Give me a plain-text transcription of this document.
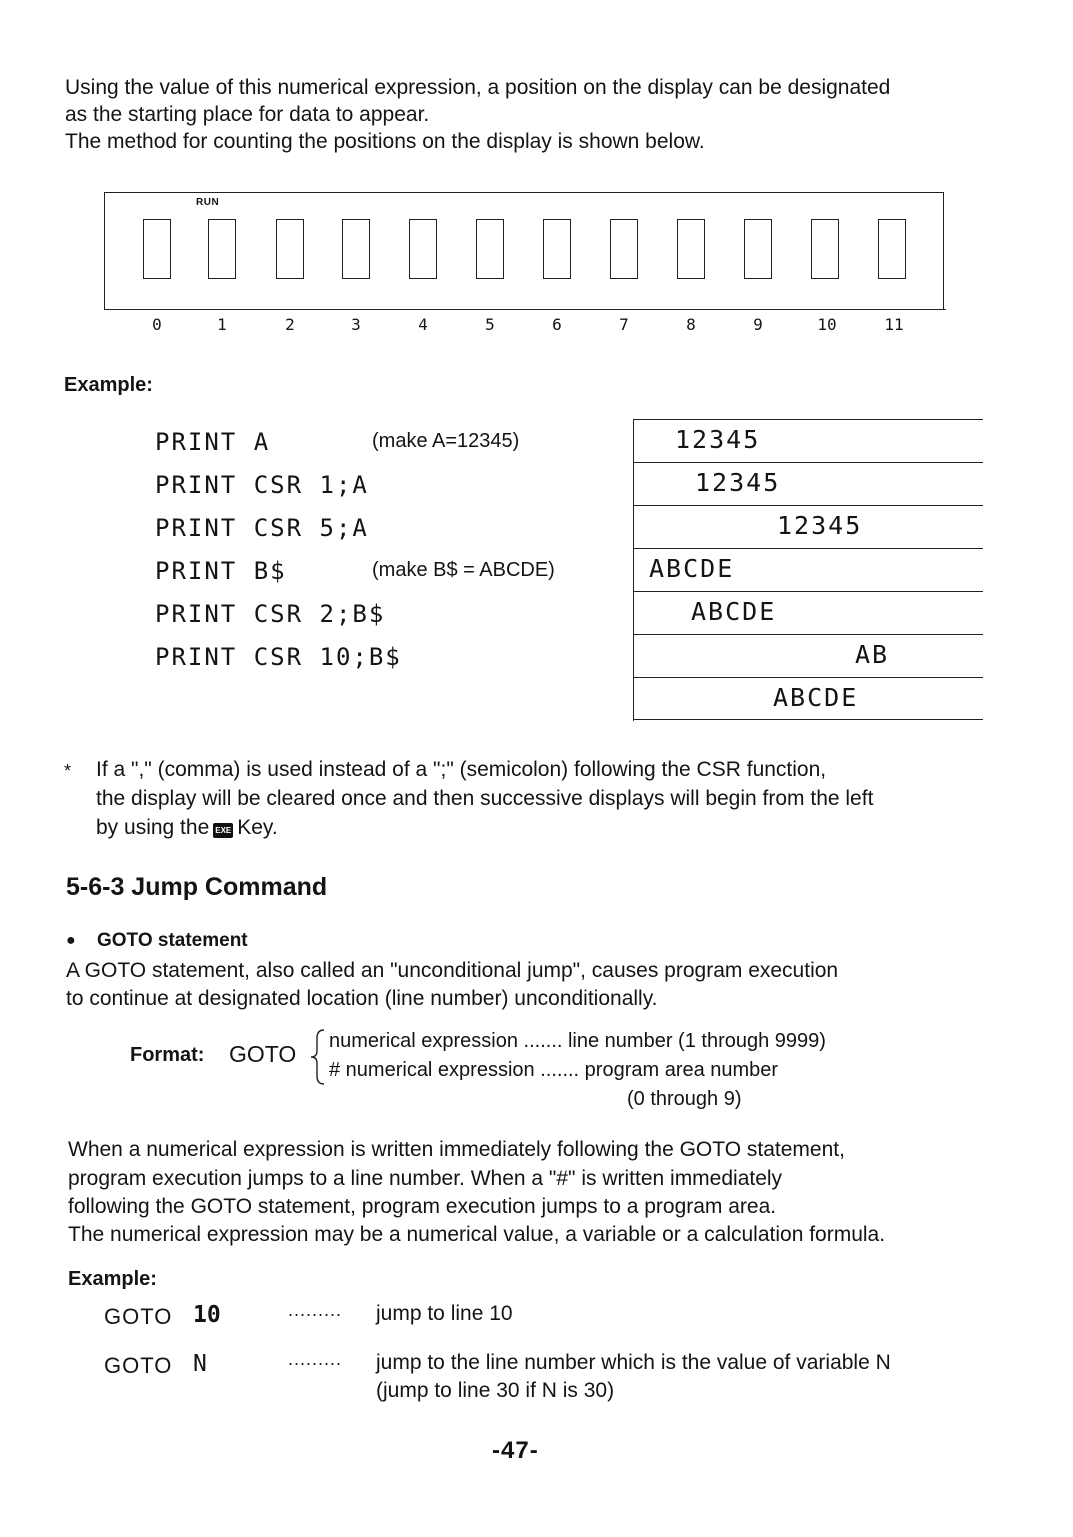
Using the value of this numerical expression, a position on the display can be designated

as the starting place for data to appear.

The method for counting the positions on the display is shown below.

RUN
0	1	2	3	4	5	6	7	8	9	10	11
Example:
PRINT A	(make A=12345)
PRINT CSR 1;A
PRINT CSR 5;A
PRINT B$	(make B$ = ABCDE)
PRINT CSR 2;B$
PRINT CSR 10;B$
12345
12345
12345
ABCDE
ABCDE
AB
ABCDE
* If a "," (comma) is used instead of a ";" (semicolon) following the CSR function,

the display will be cleared once and then successive displays will begin from the left

by using the EXE Key.

5-6-3 Jump Command
● GOTO statement

A GOTO statement, also called an "unconditional jump", causes program execution

to continue at designated location (line number) unconditionally.

Format: GOTO numerical expression ....... line number (1 through 9999)

# numerical expression ....... program area number

(0 through 9)

When a numerical expression is written immediately following the GOTO statement,

program execution jumps to a line number. When a "#" is written immediately

following the GOTO statement, program execution jumps to a program area.

The numerical expression may be a numerical value, a variable or a calculation formula.

Example:
GOTO 10	......... jump to line 10

GOTO N	......... jump to the line number which is the value of variable N

(jump to line 30 if N is 30)

-47-
